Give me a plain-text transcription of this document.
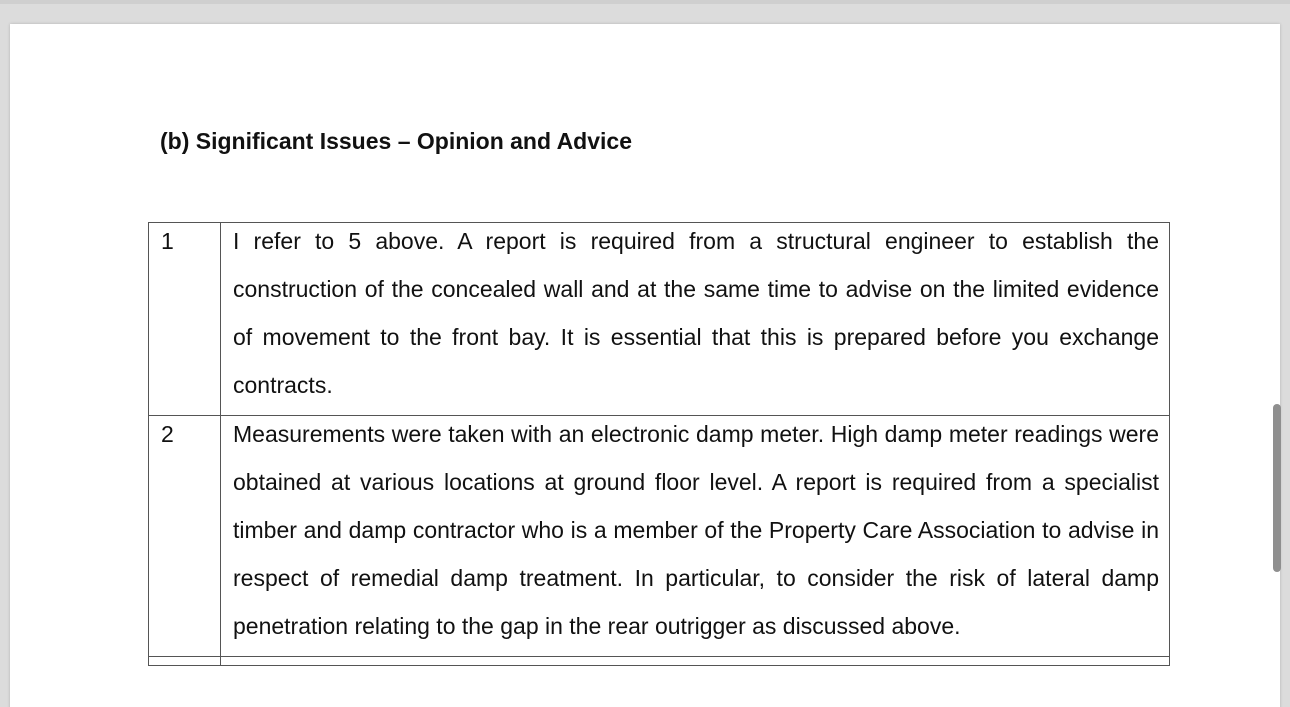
(b) Significant Issues – Opinion and Advice
1	I refer to 5 above. A report is required from a structural engineer to establish the construction of the concealed wall and at the same time to advise on the limited evidence of movement to the front bay. It is essential that this is prepared before you exchange contracts.

2	Measurements were taken with an electronic damp meter. High damp meter readings were obtained at various locations at ground floor level. A report is required from a specialist timber and damp contractor who is a member of the Property Care Association to advise in respect of remedial damp treatment. In particular, to consider the risk of lateral damp penetration relating to the gap in the rear outrigger as discussed above.
